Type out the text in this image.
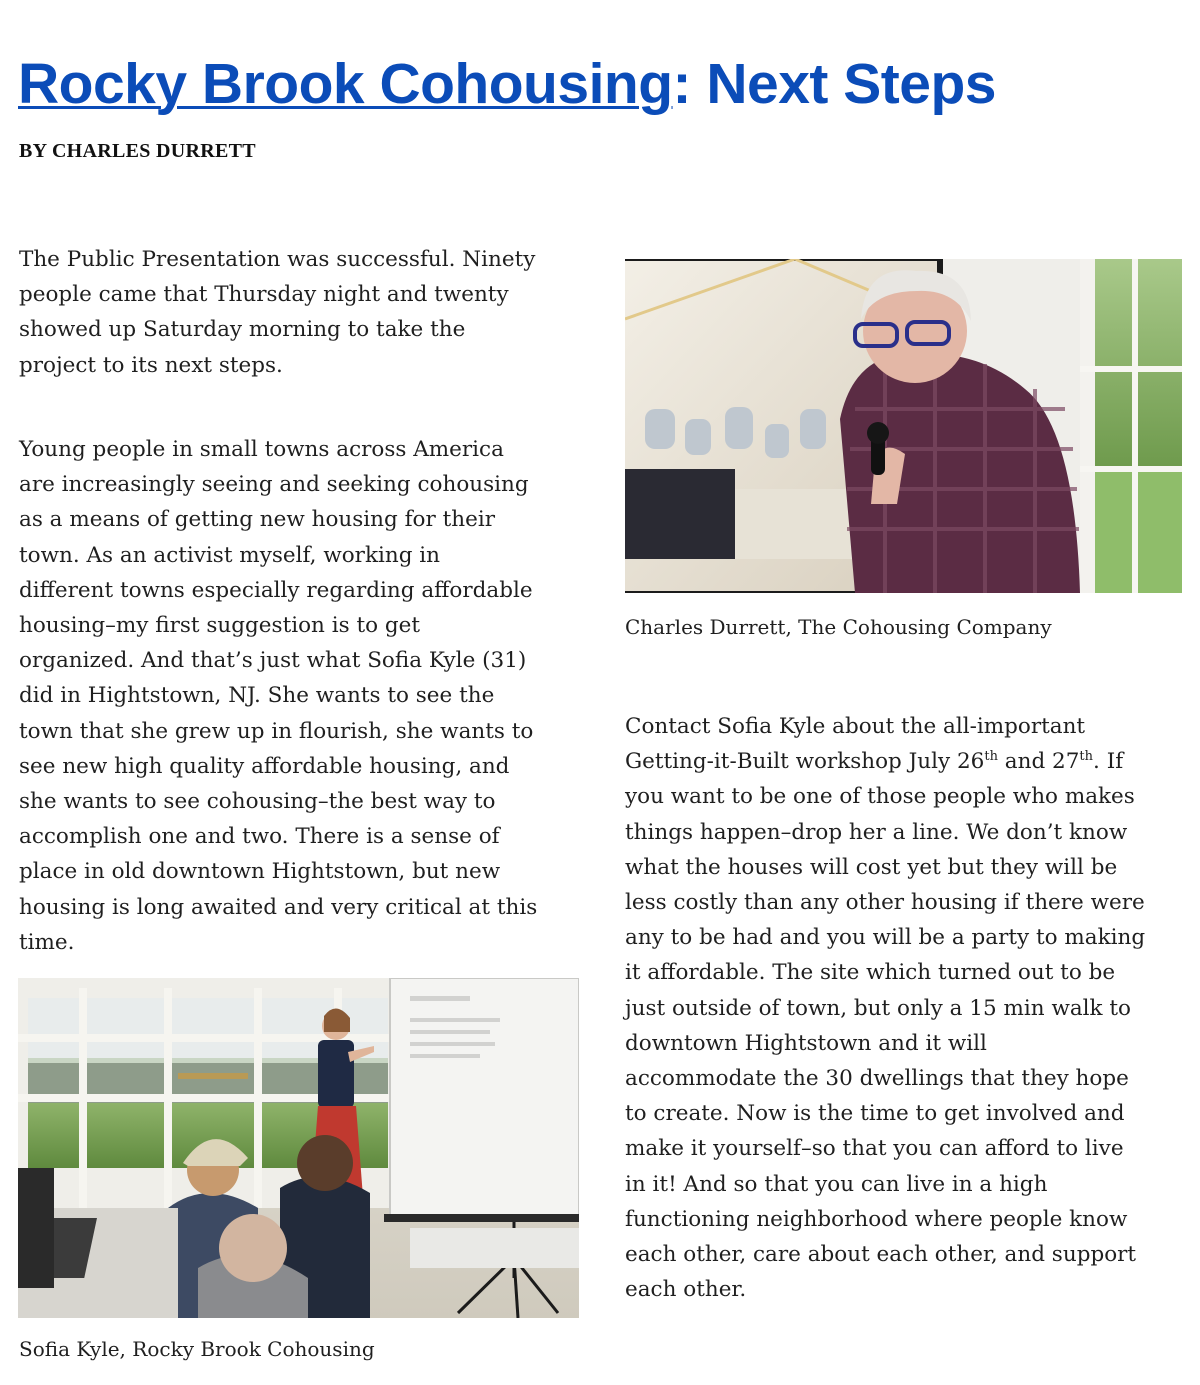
Rocky Brook Cohousing: Next Steps
BY CHARLES DURRETT

The Public Presentation was successful. Ninety
people came that Thursday night and twenty
showed up Saturday morning to take the
project to its next steps.

Young people in small towns across America
are increasingly seeing and seeking cohousing
as a means of getting new housing for their
town. As an activist myself, working in
different towns especially regarding affordable
housing–my first suggestion is to get
organized. And that’s just what Sofia Kyle (31)
did in Hightstown, NJ. She wants to see the
town that she grew up in flourish, she wants to
see new high quality affordable housing, and
she wants to see cohousing–the best way to
accomplish one and two. There is a sense of
place in old downtown Hightstown, but new
housing is long awaited and very critical at this
time.

Sofia Kyle, Rocky Brook Cohousing
Charles Durrett, The Cohousing Company

Contact Sofia Kyle about the all-important
Getting-it-Built workshop July 26th and 27th. If
you want to be one of those people who makes
things happen–drop her a line. We don’t know
what the houses will cost yet but they will be
less costly than any other housing if there were
any to be had and you will be a party to making
it affordable. The site which turned out to be
just outside of town, but only a 15 min walk to
downtown Hightstown and it will
accommodate the 30 dwellings that they hope
to create. Now is the time to get involved and
make it yourself–so that you can afford to live
in it! And so that you can live in a high
functioning neighborhood where people know
each other, care about each other, and support
each other.
